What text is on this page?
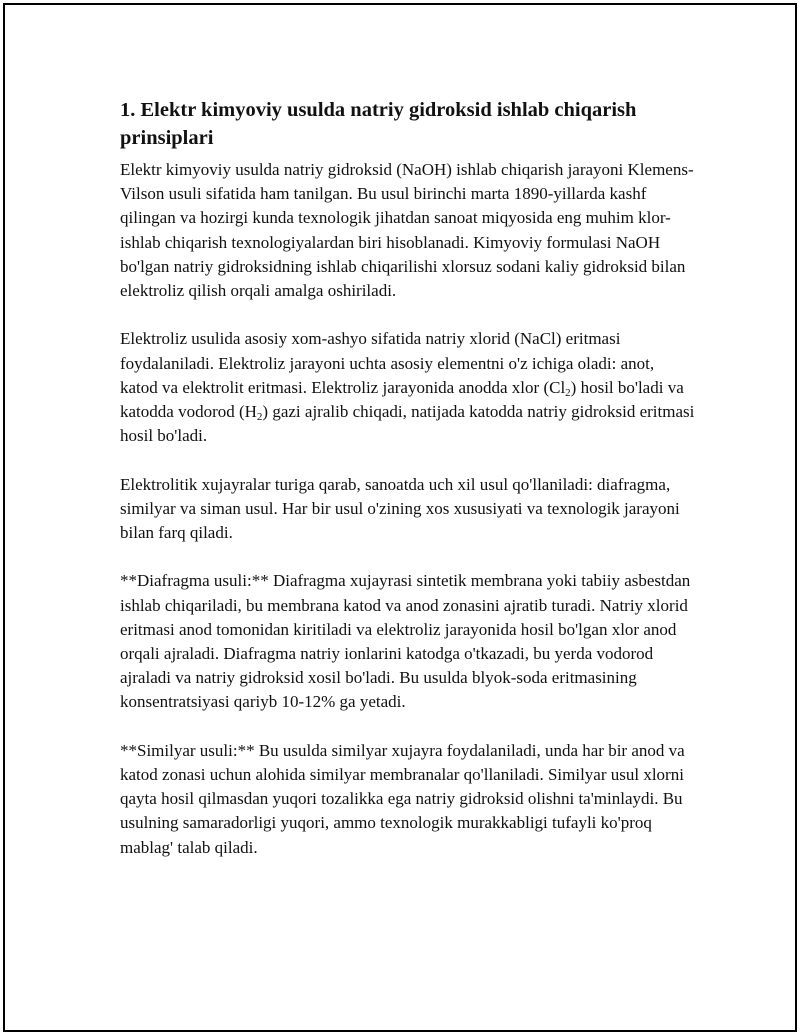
1. Elektr kimyoviy usulda natriy gidroksid ishlab chiqarish prinsiplari

Elektr kimyoviy usulda natriy gidroksid (NaOH) ishlab chiqarish jarayoni Klemens-Vilson usuli sifatida ham tanilgan. Bu usul birinchi marta 1890-yillarda kashf qilingan va hozirgi kunda texnologik jihatdan sanoat miqyosida eng muhim klor-ishlab chiqarish texnologiyalardan biri hisoblanadi. Kimyoviy formulasi NaOH bo'lgan natriy gidroksidning ishlab chiqarilishi xlorsuz sodani kaliy gidroksid bilan elektroliz qilish orqali amalga oshiriladi.

Elektroliz usulida asosiy xom-ashyo sifatida natriy xlorid (NaCl) eritmasi foydalaniladi. Elektroliz jarayoni uchta asosiy elementni o'z ichiga oladi: anot, katod va elektrolit eritmasi. Elektroliz jarayonida anodda xlor $(Cl_2)$ hosil bo'ladi va katodda vodorod $(H_2)$ gazi ajralib chiqadi, natijada katodda natriy gidroksid eritmasi hosil bo'ladi.

Elektrolitik xujayralar turiga qarab, sanoatda uch xil usul qo'llaniladi: diafragma, similyar va siman usul. Har bir usul o'zining xos xususiyati va texnologik jarayoni bilan farq qiladi.

**Diafragma usuli:** Diafragma xujayrasi sintetik membrana yoki tabiiy asbestdan ishlab chiqariladi, bu membrana katod va anod zonasini ajratib turadi. Natriy xlorid eritmasi anod tomonidan kiritiladi va elektroliz jarayonida hosil bo'lgan xlor anod orqali ajraladi. Diafragma natriy ionlarini katodga o'tkazadi, bu yerda vodorod ajraladi va natriy gidroksid xosil bo'ladi. Bu usulda blyok-soda eritmasining konsentratsiyasi qariyb 10-12% ga yetadi.

**Similyar usuli:** Bu usulda similyar xujayra foydalaniladi, unda har bir anod va katod zonasi uchun alohida similyar membranalar qo'llaniladi. Similyar usul xlorni qayta hosil qilmasdan yuqori tozalikka ega natriy gidroksid olishni ta'minlaydi. Bu usulning samaradorligi yuqori, ammo texnologik murakkabligi tufayli ko'proq mablag' talab qiladi.
